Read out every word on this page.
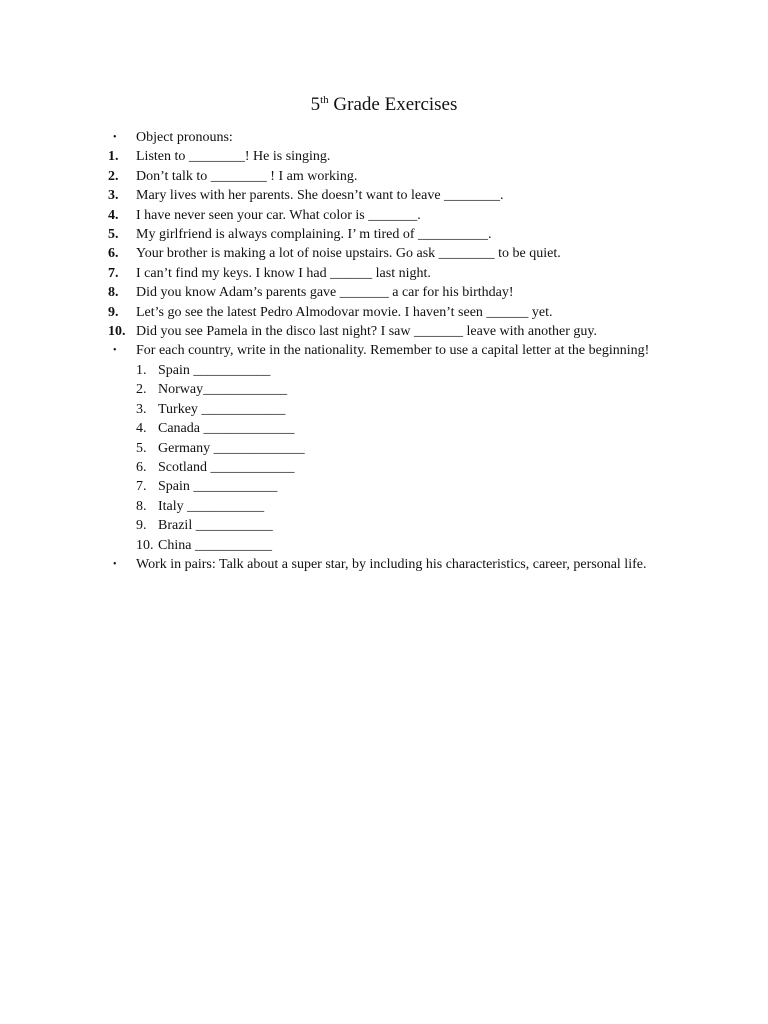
5th Grade Exercises
•	Object pronouns:
1.	Listen to ________! He is singing.
2.	Don’t talk to ________ ! I am working.
3.	Mary lives with her parents. She doesn’t want to leave ________.
4.	I have never seen your car. What color is _______.
5.	My girlfriend is always complaining. I’ m tired of __________.
6.	Your brother is making a lot of noise upstairs. Go ask ________ to be quiet.
7.	I can’t find my keys. I know I had ______ last night.
8.	Did you know Adam’s parents gave _______ a car for his birthday!
9.	Let’s go see the latest Pedro Almodovar movie. I haven’t seen ______ yet.
10. Did you see Pamela in the disco last night? I saw _______ leave with another guy.
•	For each country, write in the nationality. Remember to use a capital letter at the beginning!
1. Spain ___________
2. Norway____________
3. Turkey ____________
4. Canada _____________
5. Germany _____________
6. Scotland ____________
7. Spain ____________
8. Italy ___________
9. Brazil ___________
10. China ___________
•	Work in pairs: Talk about a super star, by including his characteristics, career, personal life.
